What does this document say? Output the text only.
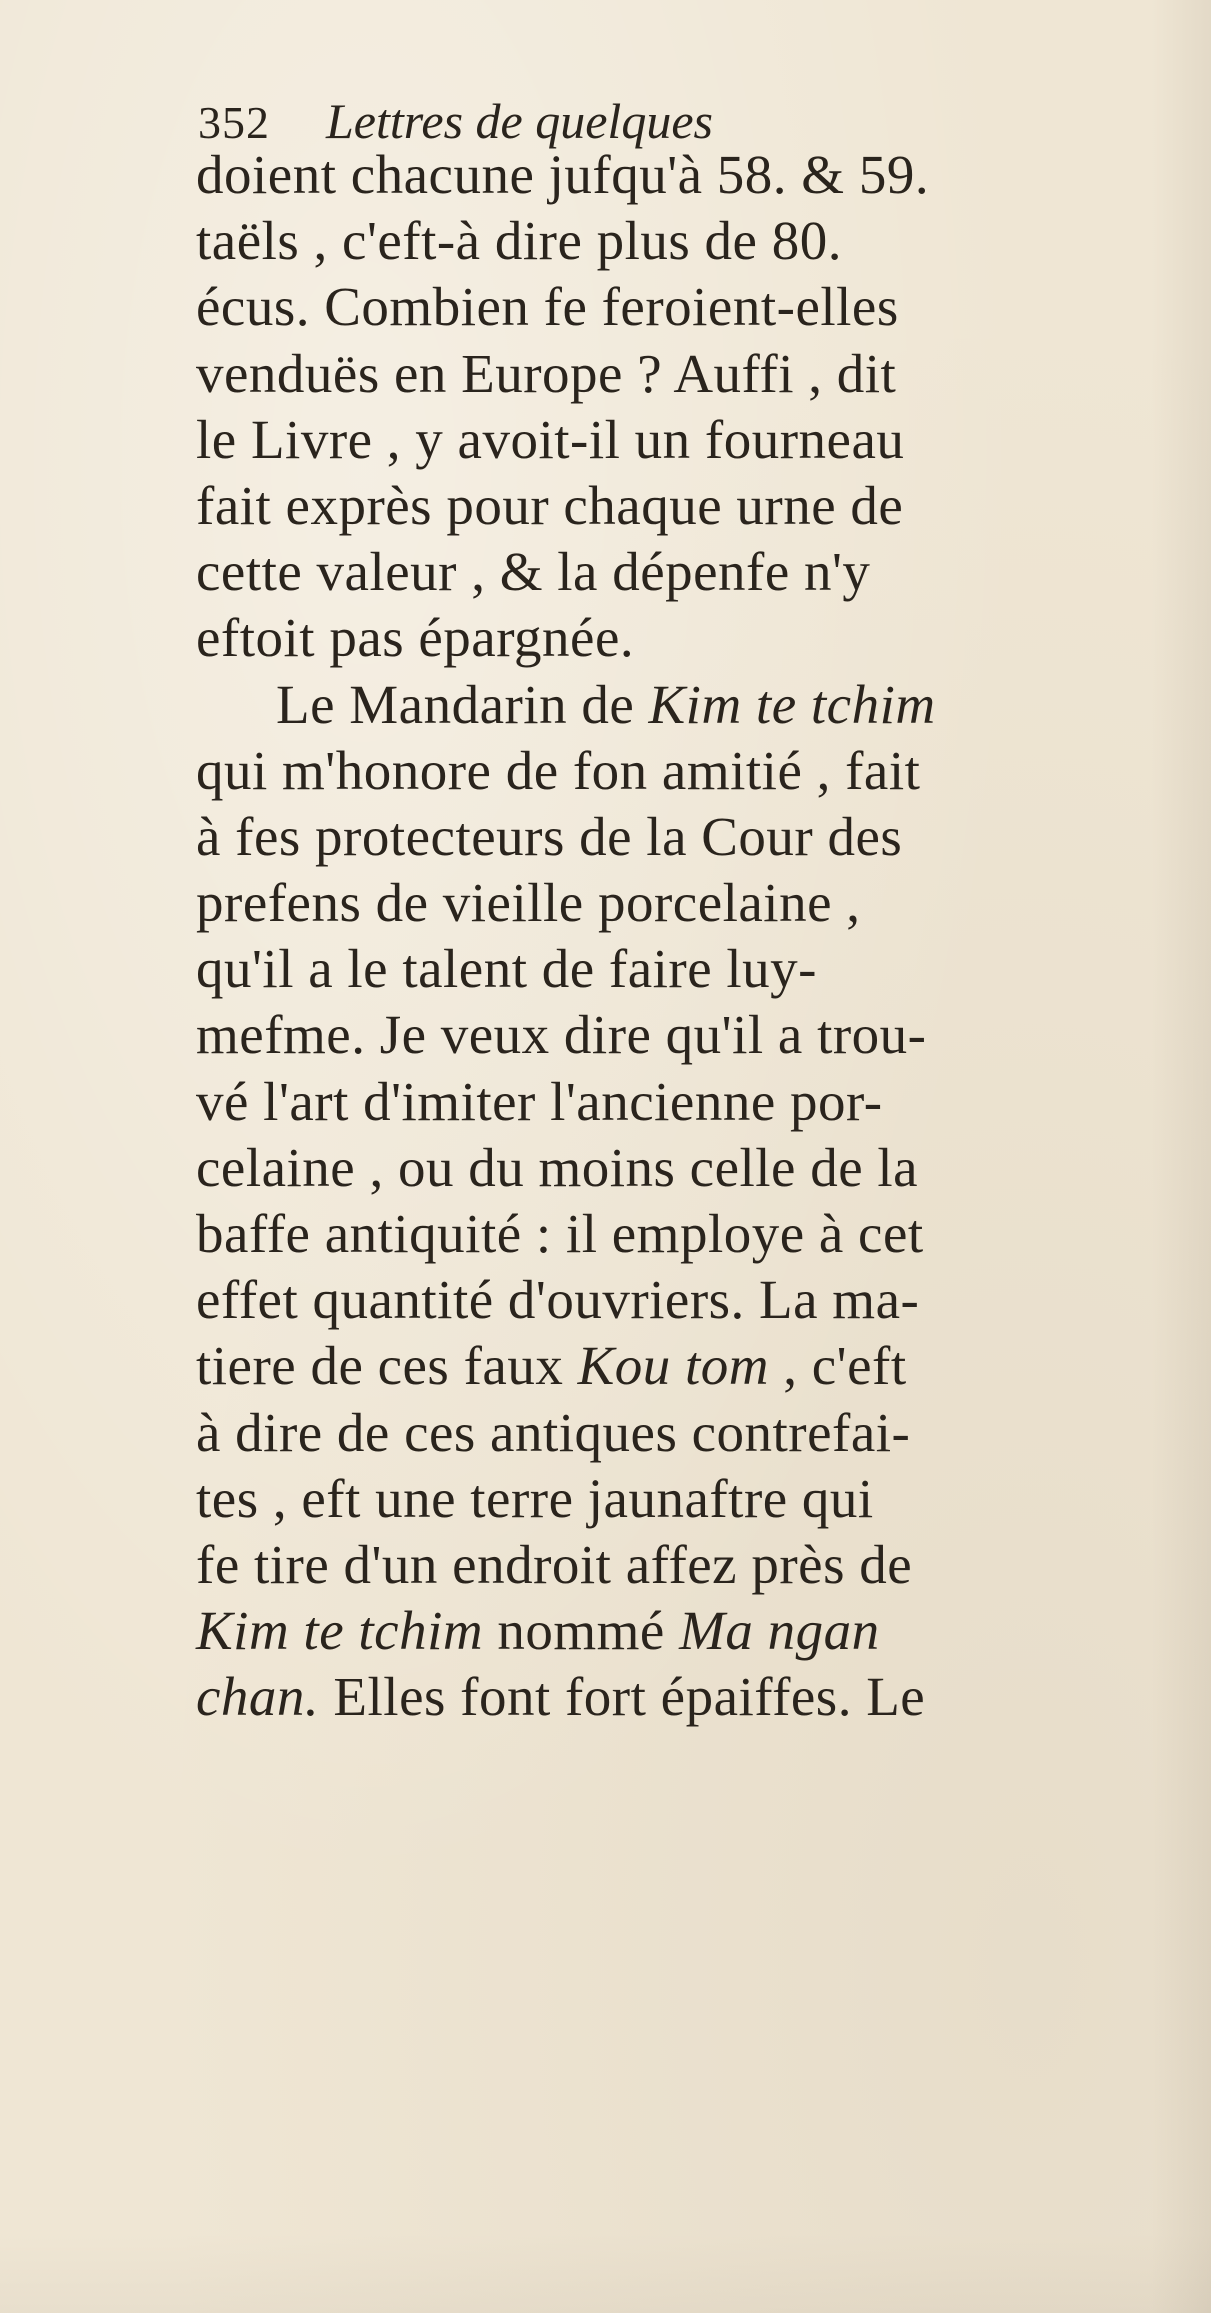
352 Lettres de quelques
doient chacune jufqu'à 58. & 59.
taëls , c'eft-à dire plus de 80.
écus. Combien fe feroient-elles
venduës en Europe ? Auffi , dit
le Livre , y avoit-il un fourneau
fait exprès pour chaque urne de
cette valeur , & la dépenfe n'y
eftoit pas épargnée.
Le Mandarin de Kim te tchim
qui m'honore de fon amitié , fait
à fes protecteurs de la Cour des
prefens de vieille porcelaine ,
qu'il a le talent de faire luy-
mefme. Je veux dire qu'il a trou-
vé l'art d'imiter l'ancienne por-
celaine , ou du moins celle de la
baffe antiquité : il employe à cet
effet quantité d'ouvriers. La ma-
tiere de ces faux Kou tom , c'eft
à dire de ces antiques contrefai-
tes , eft une terre jaunaftre qui
fe tire d'un endroit affez près de
Kim te tchim nommé Ma ngan
chan. Elles font fort épaiffes. Le
